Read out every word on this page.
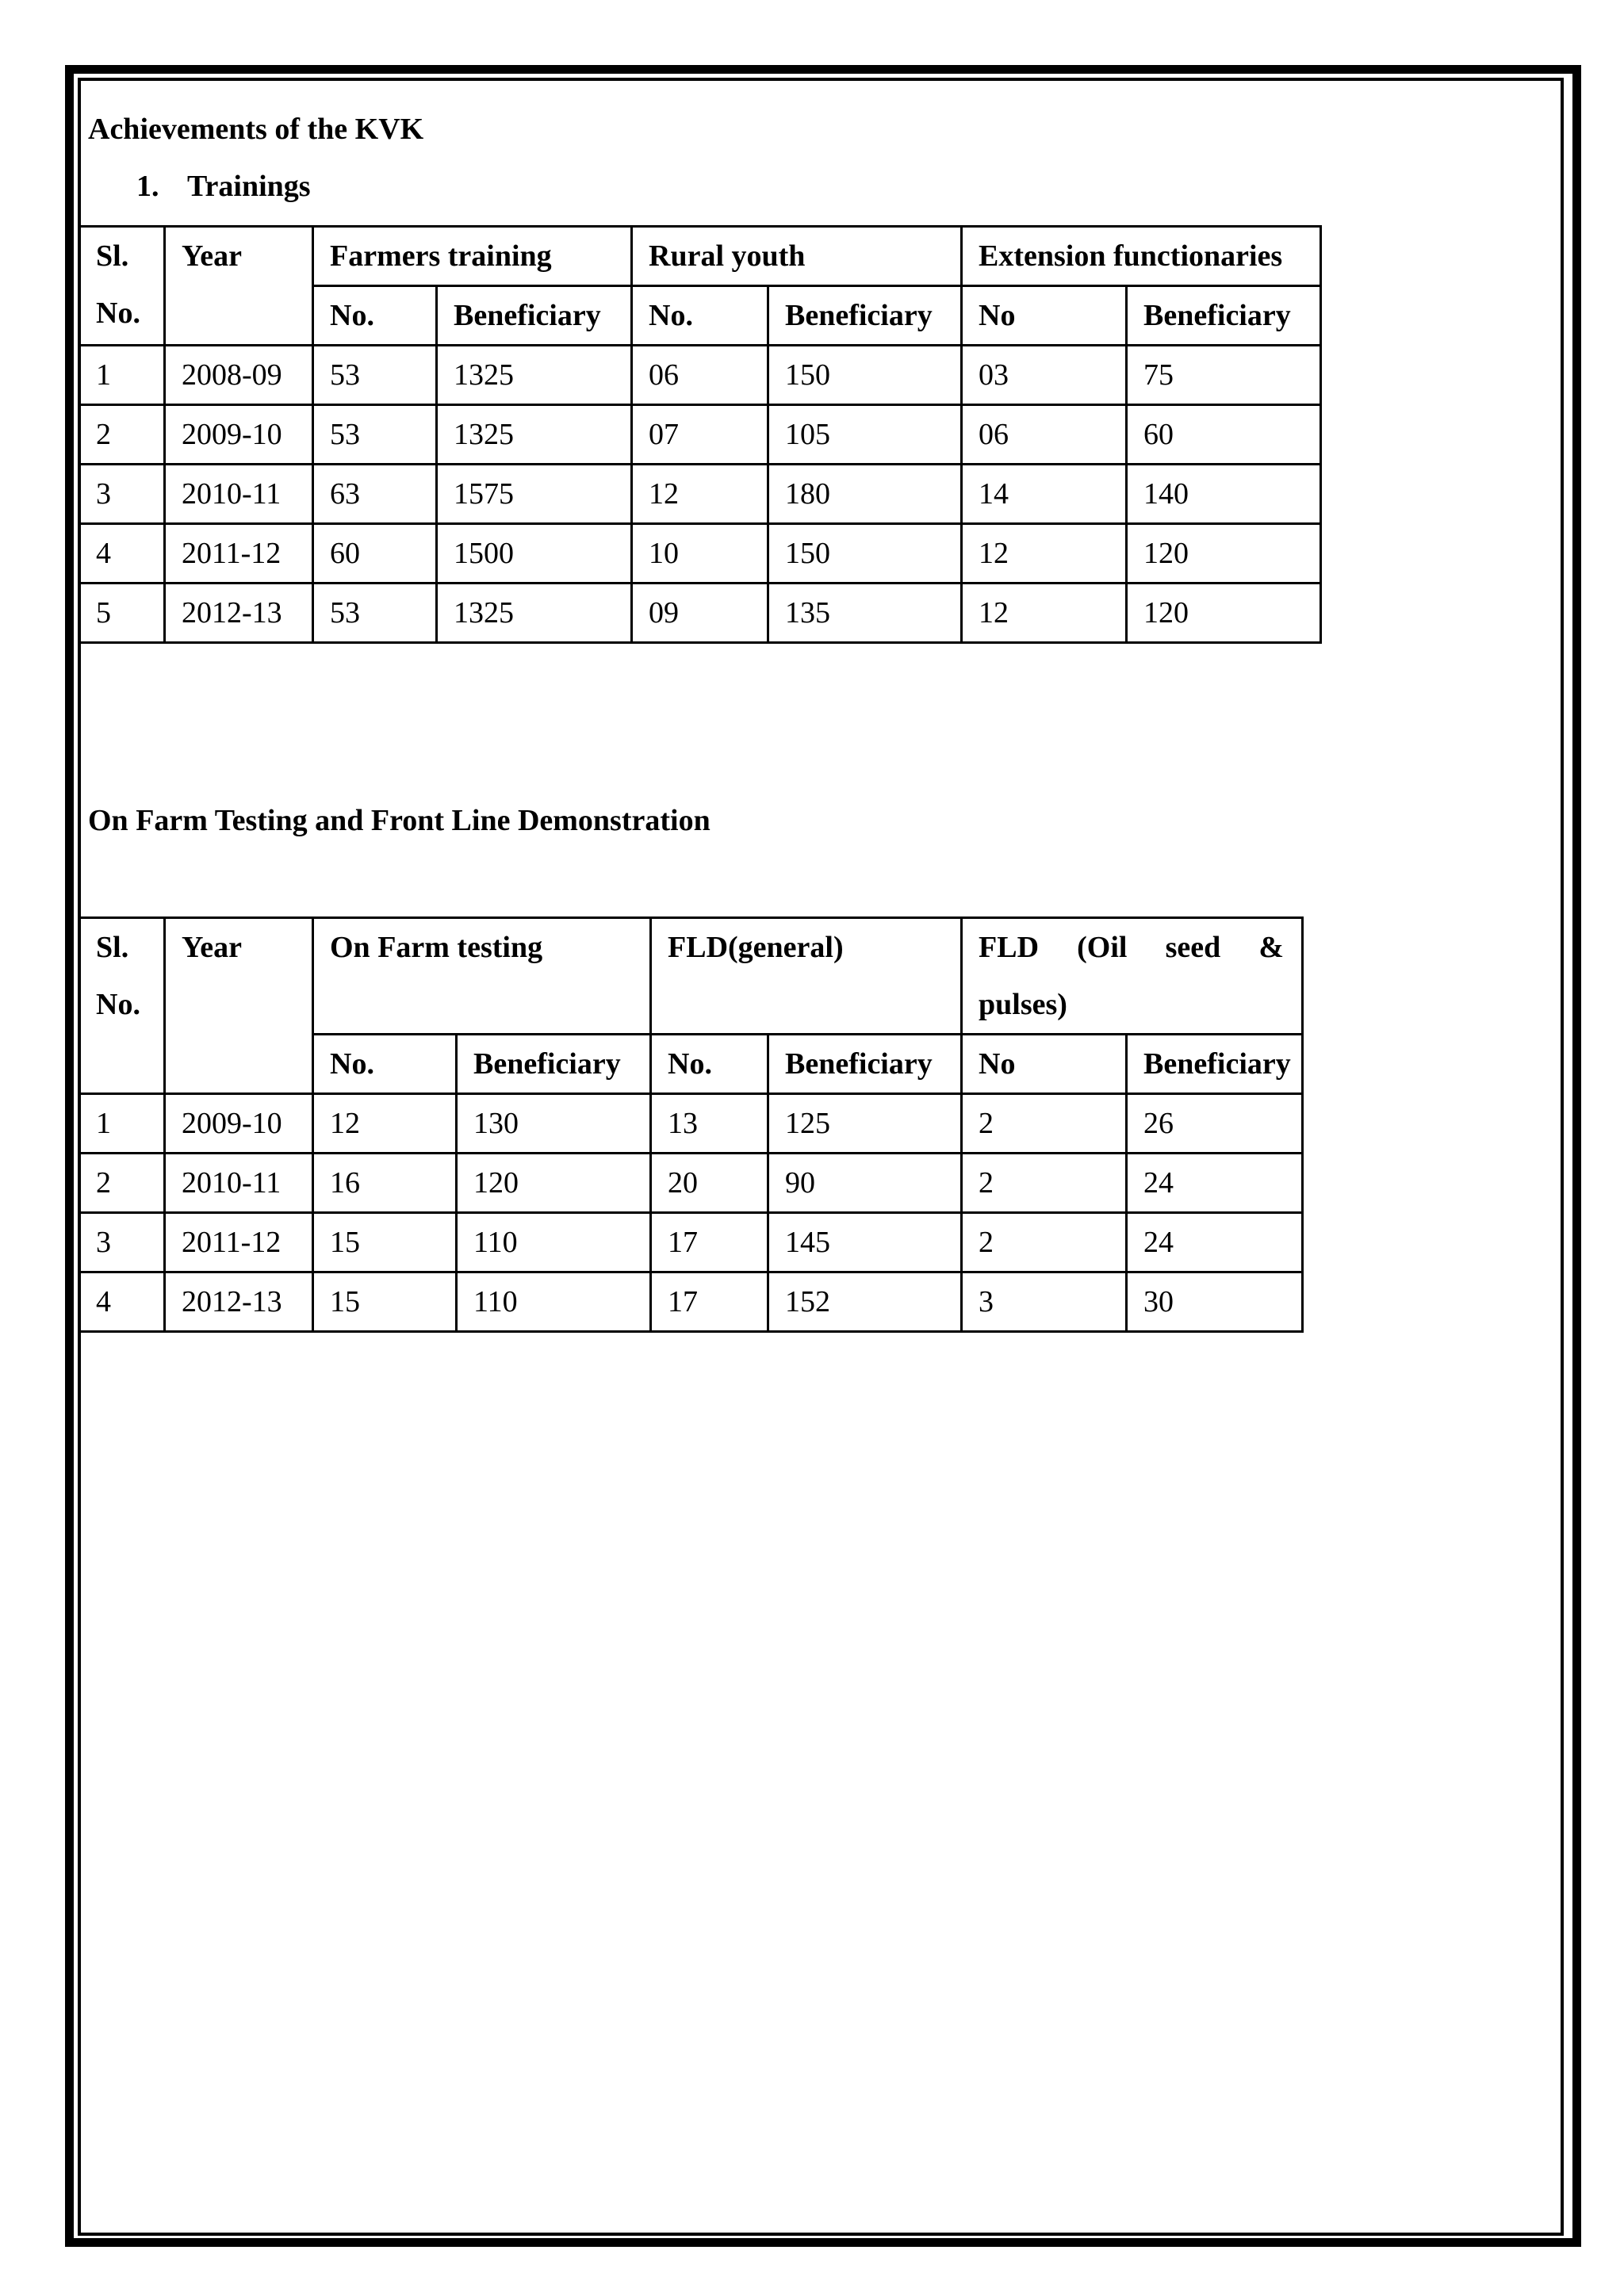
Achievements of the KVK
1. Trainings
Sl. No.	Year	Farmers training		Rural youth		Extension functionaries	
		No.	Beneficiary	No.	Beneficiary	No	Beneficiary
1	2008-09	53	1325	06	150	03	75
2	2009-10	53	1325	07	105	06	60
3	2010-11	63	1575	12	180	14	140
4	2011-12	60	1500	10	150	12	120
5	2012-13	53	1325	09	135	12	120
On Farm Testing and Front Line Demonstration
Sl. No.	Year	On Farm testing		FLD(general)		FLD (Oil seed &
pulses)	

		No.	Beneficiary	No.	Beneficiary	No	Beneficiary
1	2009-10	12	130	13	125	2	26
2	2010-11	16	120	20	90	2	24
3	2011-12	15	110	17	145	2	24
4	2012-13	15	110	17	152	3	30
